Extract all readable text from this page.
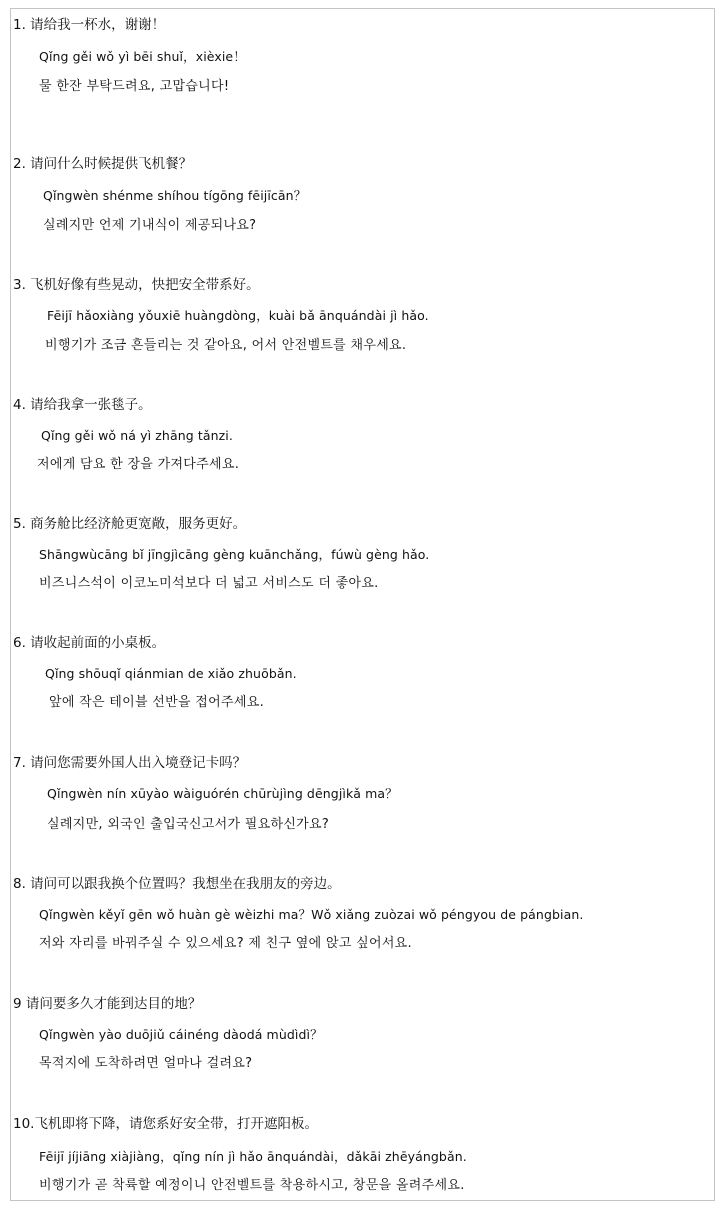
1. 请给我一杯水，谢谢！
Qǐng gěi wǒ yì bēi shuǐ，xièxie！
물 한잔 부탁드려요, 고맙습니다!
2. 请问什么时候提供飞机餐？
Qǐngwèn shénme shíhou tígōng fēijīcān？
실례지만 언제 기내식이 제공되나요?
3. 飞机好像有些晃动，快把安全带系好。
Fēijī hǎoxiàng yǒuxiē huàngdòng，kuài bǎ ānquándài jì hǎo.
비행기가 조금 흔들리는 것 같아요, 어서 안전벨트를 채우세요.
4. 请给我拿一张毯子。
Qǐng gěi wǒ ná yì zhāng tǎnzi.
저에게 담요 한 장을 가져다주세요.
5. 商务舱比经济舱更宽敞，服务更好。
Shāngwùcāng bǐ jīngjìcāng gèng kuānchǎng，fúwù gèng hǎo.
비즈니스석이 이코노미석보다 더 넓고 서비스도 더 좋아요.
6. 请收起前面的小桌板。
Qǐng shōuqǐ qiánmian de xiǎo zhuōbǎn.
앞에 작은 테이블 선반을 접어주세요.
7. 请问您需要外国人出入境登记卡吗？
Qǐngwèn nín xūyào wàiguórén chūrùjìng dēngjìkǎ ma？
실례지만, 외국인 출입국신고서가 필요하신가요?
8. 请问可以跟我换个位置吗？我想坐在我朋友的旁边。
Qǐngwèn kěyǐ gēn wǒ huàn gè wèizhi ma？Wǒ xiǎng zuòzai wǒ péngyou de pángbian.
저와 자리를 바꿔주실 수 있으세요? 제 친구 옆에 앉고 싶어서요.
9 请问要多久才能到达目的地？
Qǐngwèn yào duōjiǔ cáinéng dàodá mùdìdì？
목적지에 도착하려면 얼마나 걸려요?
10.飞机即将下降，请您系好安全带，打开遮阳板。
Fēijī jíjiāng xiàjiàng，qǐng nín jì hǎo ānquándài，dǎkāi zhēyángbǎn.
비행기가 곧 착륙할 예정이니 안전벨트를 착용하시고, 창문을 올려주세요.
